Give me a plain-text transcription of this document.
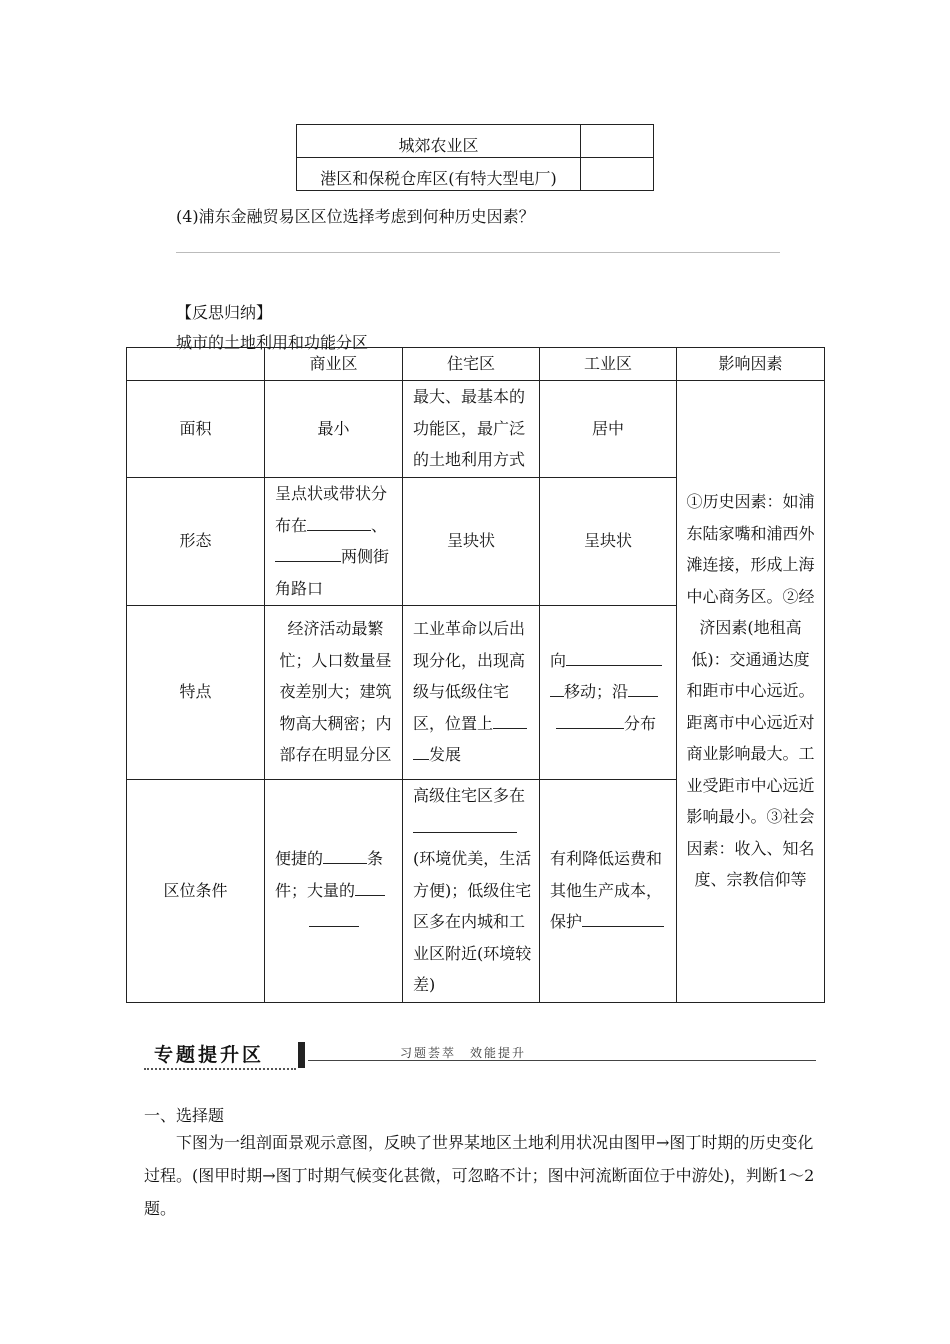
城郊农业区	
港区和保税仓库区(有特大型电厂)	
(4)浦东金融贸易区区位选择考虑到何种历史因素？
【反思归纳】
城市的土地利用和功能分区
	商业区	住宅区	工业区	影响因素
面积	最小	最大、最基本的功能区，最广泛的土地利用方式	居中	①历史因素：如浦东陆家嘴和浦西外滩连接，形成上海中心商务区。②经济因素(地租高低)：交通通达度和距市中心远近。距离市中心远近对商业影响最大。工业受距市中心远近影响最小。③社会因素：收入、知名度、宗教信仰等
形态	呈点状或带状分布在 、两侧街角路口	呈块状	呈块状	
特点	经济活动最繁忙；人口数量昼夜差别大；建筑物高大稠密；内部存在明显分区	工业革命以后出现分化，出现高级与低级住宅区，位置上发展	向移动；沿分布	
区位条件	便捷的 条件；大量的	高级住宅区多在(环境优美，生活方便)；低级住宅区多在内城和工业区附近(环境较差)	有利降低运费和其他生产成本，保护	
专题提升区	习题荟萃　效能提升
一、选择题
下图为一组剖面景观示意图，反映了世界某地区土地利用状况由图甲→图丁时期的历史变化过程。(图甲时期→图丁时期气候变化甚微，可忽略不计；图中河流断面位于中游处)，判断1～2题。
